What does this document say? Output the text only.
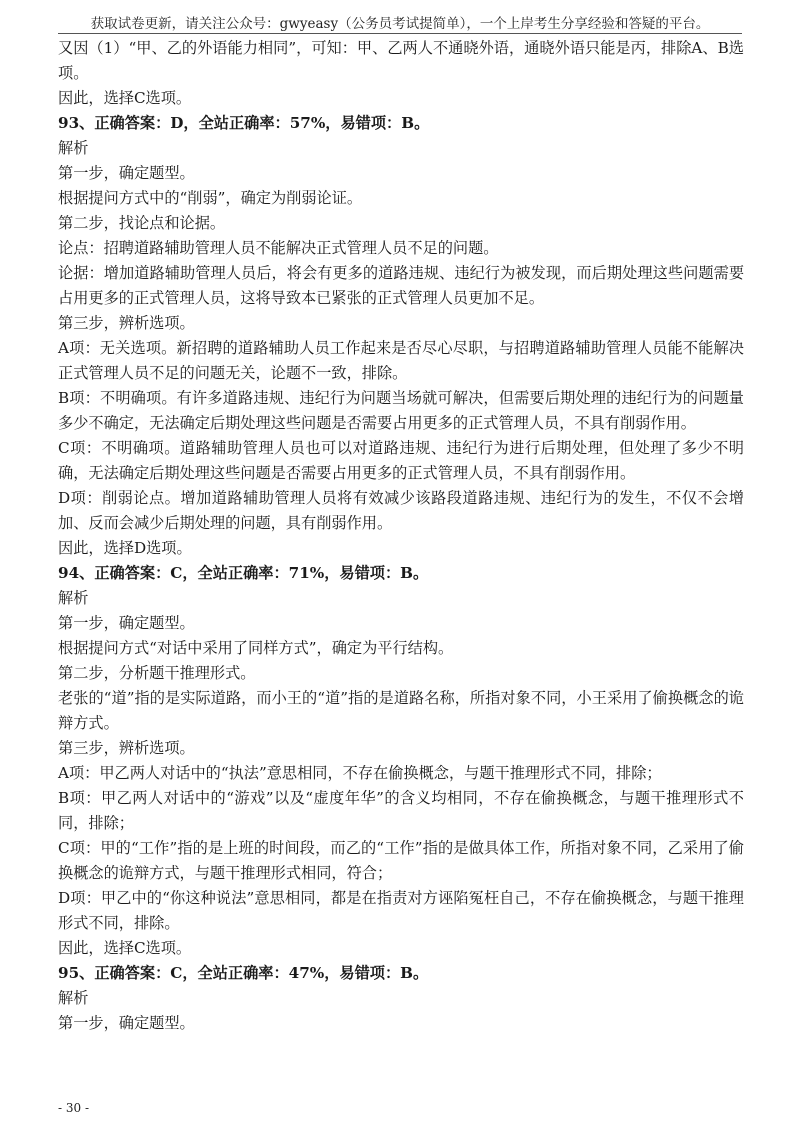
获取试卷更新，请关注公众号：gwyeasy（公务员考试提简单），一个上岸考生分享经验和答疑的平台。

又因（1）“甲、乙的外语能力相同”，可知：甲、乙两人不通晓外语，通晓外语只能是丙，排除A、B选项。

因此，选择C选项。

93、正确答案：D，全站正确率：57%，易错项：B。

解析

第一步，确定题型。

根据提问方式中的“削弱”，确定为削弱论证。

第二步，找论点和论据。

论点：招聘道路辅助管理人员不能解决正式管理人员不足的问题。

论据：增加道路辅助管理人员后，将会有更多的道路违规、违纪行为被发现，而后期处理这些问题需要占用更多的正式管理人员，这将导致本已紧张的正式管理人员更加不足。

第三步，辨析选项。

A项：无关选项。新招聘的道路辅助人员工作起来是否尽心尽职，与招聘道路辅助管理人员能不能解决正式管理人员不足的问题无关，论题不一致，排除。

B项：不明确项。有许多道路违规、违纪行为问题当场就可解决，但需要后期处理的违纪行为的问题量多少不确定，无法确定后期处理这些问题是否需要占用更多的正式管理人员，不具有削弱作用。

C项：不明确项。道路辅助管理人员也可以对道路违规、违纪行为进行后期处理，但处理了多少不明确，无法确定后期处理这些问题是否需要占用更多的正式管理人员，不具有削弱作用。

D项：削弱论点。增加道路辅助管理人员将有效减少该路段道路违规、违纪行为的发生，不仅不会增加、反而会减少后期处理的问题，具有削弱作用。

因此，选择D选项。

94、正确答案：C，全站正确率：71%，易错项：B。

解析

第一步，确定题型。

根据提问方式“对话中采用了同样方式”，确定为平行结构。

第二步，分析题干推理形式。

老张的“道”指的是实际道路，而小王的“道”指的是道路名称，所指对象不同，小王采用了偷换概念的诡辩方式。

第三步，辨析选项。

A项：甲乙两人对话中的“执法”意思相同，不存在偷换概念，与题干推理形式不同，排除；

B项：甲乙两人对话中的“游戏”以及“虚度年华”的含义均相同，不存在偷换概念，与题干推理形式不同，排除；

C项：甲的“工作”指的是上班的时间段，而乙的“工作”指的是做具体工作，所指对象不同，乙采用了偷换概念的诡辩方式，与题干推理形式相同，符合；

D项：甲乙中的“你这种说法”意思相同，都是在指责对方诬陷冤枉自己，不存在偷换概念，与题干推理形式不同，排除。

因此，选择C选项。

95、正确答案：C，全站正确率：47%，易错项：B。

解析

第一步，确定题型。

- 30 -
